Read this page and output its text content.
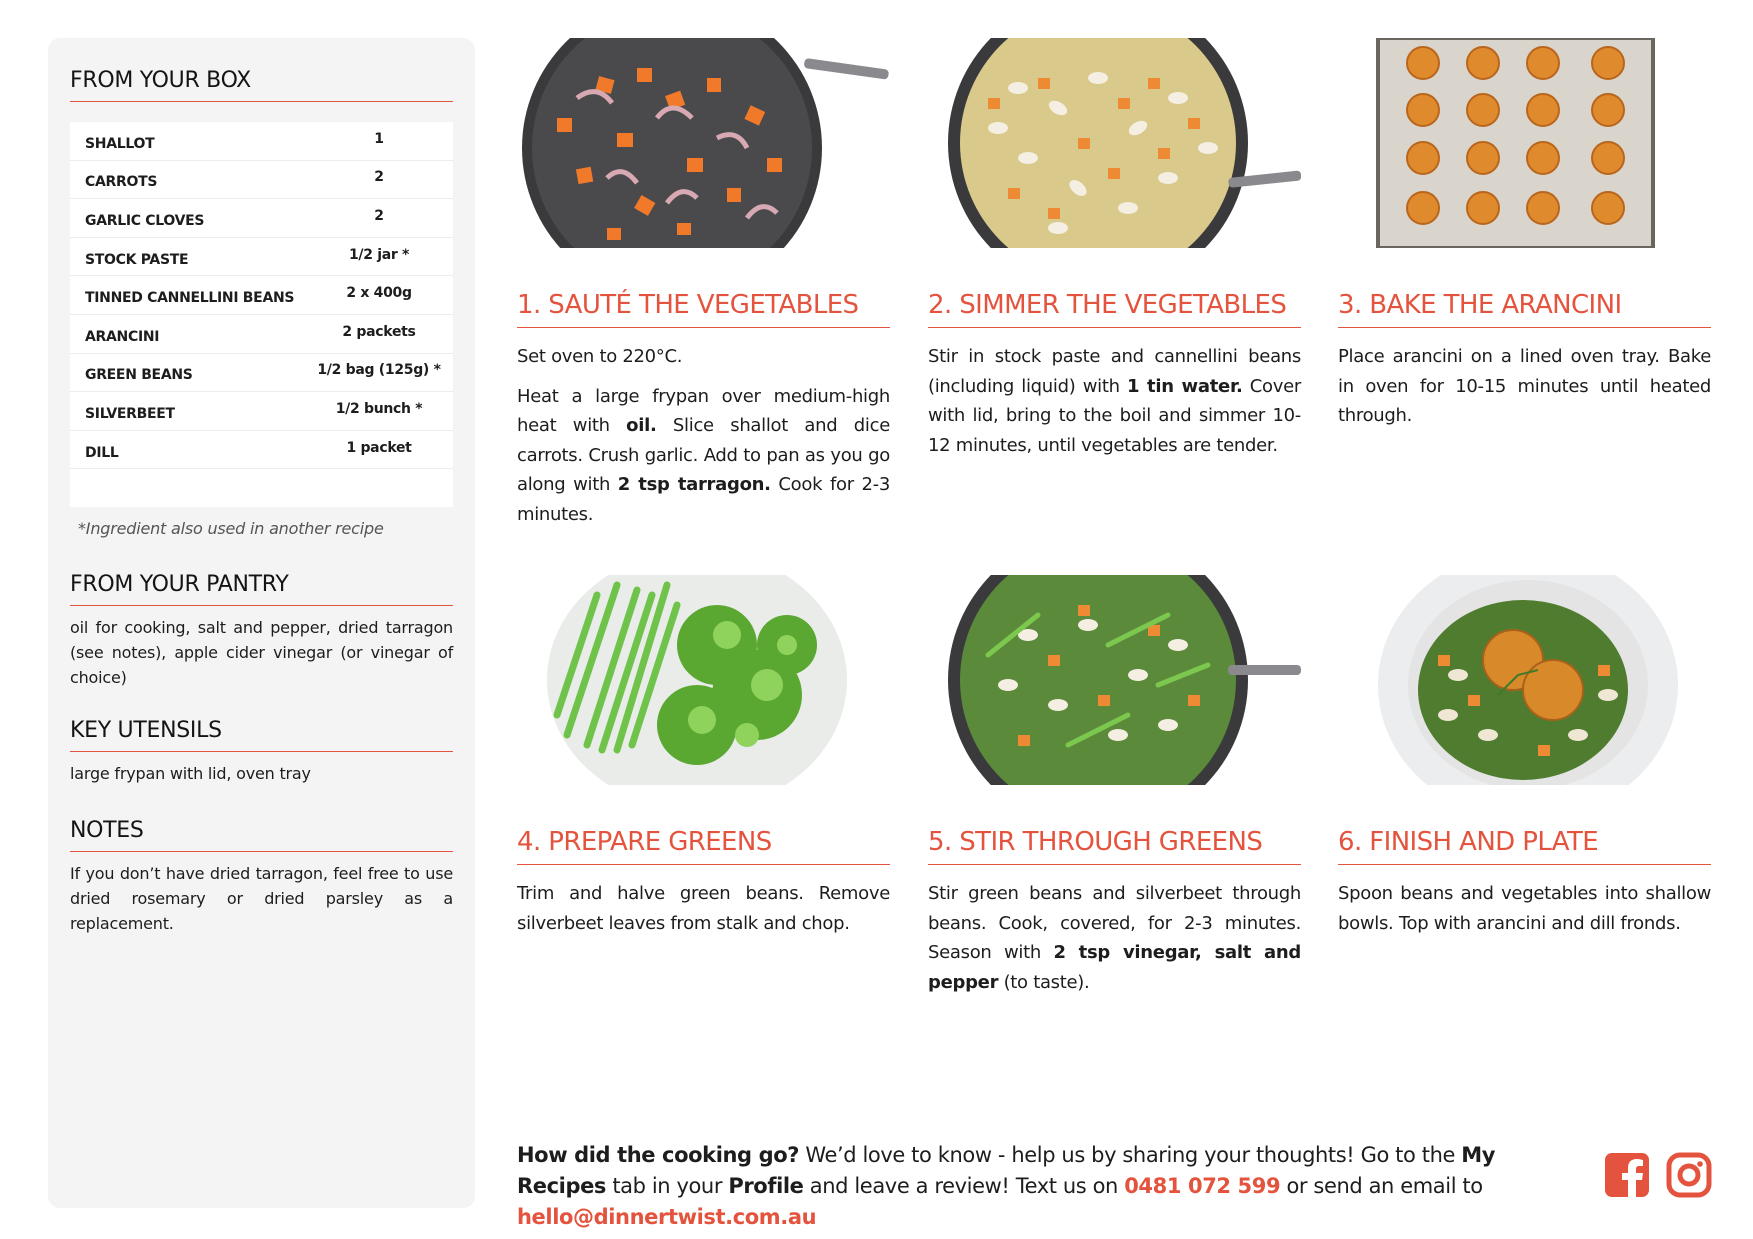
FROM YOUR BOX
SHALLOT	1
CARROTS	2
GARLIC CLOVES	2
STOCK PASTE	1/2 jar *
TINNED CANNELLINI BEANS	2 x 400g
ARANCINI	2 packets
GREEN BEANS	1/2 bag (125g) *
SILVERBEET	1/2 bunch *
DILL	1 packet
*Ingredient also used in another recipe
FROM YOUR PANTRY
oil for cooking, salt and pepper, dried tarragon (see notes), apple cider vinegar (or vinegar of choice)
KEY UTENSILS
large frypan with lid, oven tray
NOTES
If you don’t have dried tarragon, feel free to use dried rosemary or dried parsley as a replacement.
1. SAUTÉ THE VEGETABLES

Set oven to 220°C.

Heat a large frypan over medium-high heat with oil. Slice shallot and dice carrots. Crush garlic. Add to pan as you go along with 2 tsp tarragon. Cook for 2-3 minutes.

2. SIMMER THE VEGETABLES

Stir in stock paste and cannellini beans (including liquid) with 1 tin water. Cover with lid, bring to the boil and simmer 10-12 minutes, until vegetables are tender.

3. BAKE THE ARANCINI
Place arancini on a lined oven tray. Bake in oven for 10-15 minutes until heated through.
4. PREPARE GREENS
Trim and halve green beans. Remove silverbeet leaves from stalk and chop.
5. STIR THROUGH GREENS

Stir green beans and silverbeet through beans. Cook, covered, for 2-3 minutes. Season with 2 tsp vinegar, salt and pepper (to taste).

6. FINISH AND PLATE
Spoon beans and vegetables into shallow bowls. Top with arancini and dill fronds.
How did the cooking go? We’d love to know - help us by sharing your thoughts! Go to the My Recipes tab in your Profile and leave a review! Text us on 0481 072 599 or send an email to hello@dinnertwist.com.au
